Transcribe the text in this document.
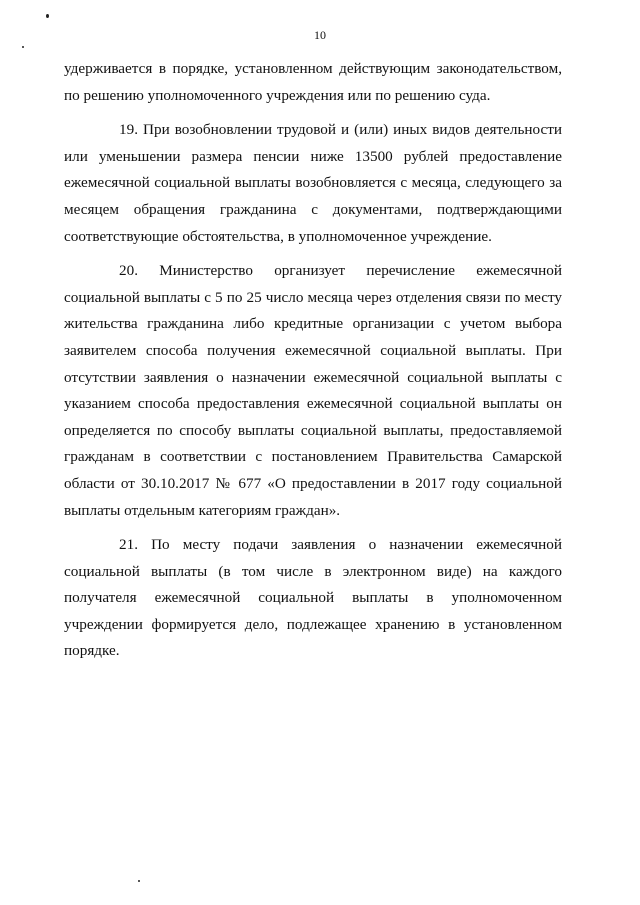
10

удерживается в порядке, установленном действующим законодательством, по решению уполномоченного учреждения или по решению суда.

19. При возобновлении трудовой и (или) иных видов деятельности или уменьшении размера пенсии ниже 13500 рублей предоставление ежемесячной социальной выплаты возобновляется с месяца, следующего за месяцем обращения гражданина с документами, подтверждающими соответствующие обстоятельства, в уполномоченное учреждение.

20. Министерство организует перечисление ежемесячной социальной выплаты с 5 по 25 число месяца через отделения связи по месту жительства гражданина либо кредитные организации с учетом выбора заявителем способа получения ежемесячной социальной выплаты. При отсутствии заявления о назначении ежемесячной социальной выплаты с указанием способа предоставления ежемесячной социальной выплаты он определяется по способу выплаты социальной выплаты, предоставляемой гражданам в соответствии с постановлением Правительства Самарской области от 30.10.2017 № 677 «О предоставлении в 2017 году социальной выплаты отдельным категориям граждан».

21. По месту подачи заявления о назначении ежемесячной социальной выплаты (в том числе в электронном виде) на каждого получателя ежемесячной социальной выплаты в уполномоченном учреждении формируется дело, подлежащее хранению в установленном порядке.
